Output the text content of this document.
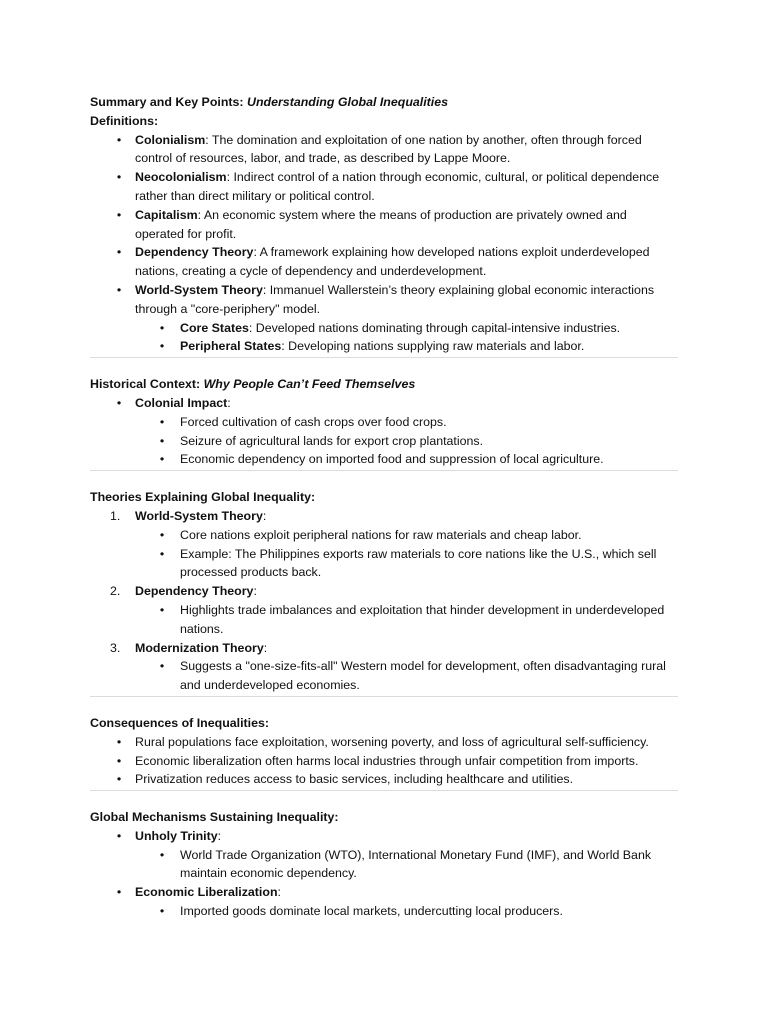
Summary and Key Points: Understanding Global Inequalities
Definitions:
•	Colonialism: The domination and exploitation of one nation by another, often through forced control of resources, labor, and trade, as described by Lappe Moore.
•	Neocolonialism: Indirect control of a nation through economic, cultural, or political dependence rather than direct military or political control.
•	Capitalism: An economic system where the means of production are privately owned and operated for profit.
•	Dependency Theory: A framework explaining how developed nations exploit underdeveloped nations, creating a cycle of dependency and underdevelopment.
•	World-System Theory: Immanuel Wallerstein’s theory explaining global economic interactions through a "core-periphery" model.
•	Core States: Developed nations dominating through capital-intensive industries.
•	Peripheral States: Developing nations supplying raw materials and labor.
Historical Context: Why People Can’t Feed Themselves
•	Colonial Impact:
•	Forced cultivation of cash crops over food crops.
•	Seizure of agricultural lands for export crop plantations.
•	Economic dependency on imported food and suppression of local agriculture.
Theories Explaining Global Inequality:
1.	World-System Theory:
•	Core nations exploit peripheral nations for raw materials and cheap labor.
•	Example: The Philippines exports raw materials to core nations like the U.S., which sell processed products back.
2.	Dependency Theory:
•	Highlights trade imbalances and exploitation that hinder development in underdeveloped nations.
3.	Modernization Theory:
•	Suggests a "one-size-fits-all" Western model for development, often disadvantaging rural and underdeveloped economies.
Consequences of Inequalities:
•	Rural populations face exploitation, worsening poverty, and loss of agricultural self-sufficiency.
•	Economic liberalization often harms local industries through unfair competition from imports.
•	Privatization reduces access to basic services, including healthcare and utilities.
Global Mechanisms Sustaining Inequality:
•	Unholy Trinity:
•	World Trade Organization (WTO), International Monetary Fund (IMF), and World Bank maintain economic dependency.
•	Economic Liberalization:
•	Imported goods dominate local markets, undercutting local producers.
